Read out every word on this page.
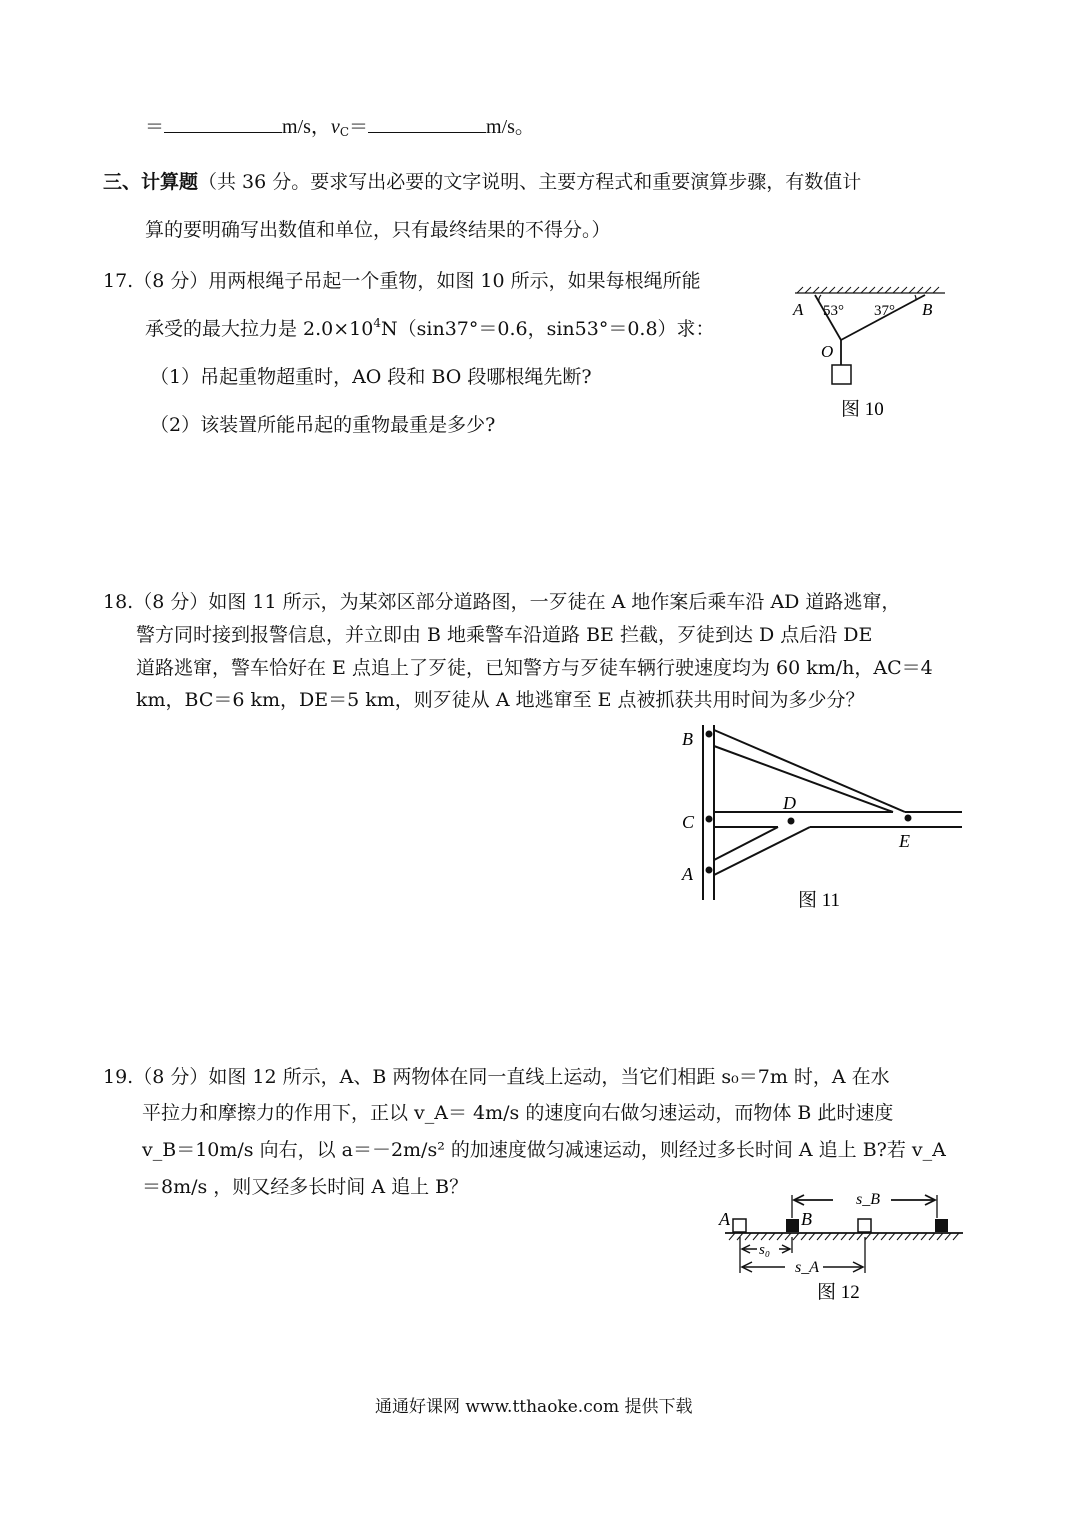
＝	m/s，$v_C=$	m/s。
三、计算题（共 36 分。要求写出必要的文字说明、主要方程式和重要演算步骤，有数值计
算的要明确写出数值和单位，只有最终结果的不得分。）
17.（8 分）用两根绳子吊起一个重物，如图 10 所示，如果每根绳所能
承受的最大拉力是 $2.0\times 10^4N(\sin 37^\circ=0.6$，sin53°＝0.8）求：
（1）吊起重物超重时，AO 段和 BO 段哪根绳先断?
（2）该装置所能吊起的重物最重是多少?
A 53° 37° B
O
图 10
18.（8 分）如图 11 所示，为某郊区部分道路图，一歹徒在 A 地作案后乘车沿 AD 道路逃窜，
警方同时接到报警信息，并立即由 B 地乘警车沿道路 BE 拦截，歹徒到达 D 点后沿 DE
道路逃窜，警车恰好在 E 点追上了歹徒，已知警方与歹徒车辆行驶速度均为 60 km/h，AC＝4
km，BC＝6 km，DE＝5 km，则歹徒从 A 地逃窜至 E 点被抓获共用时间为多少分？
B
C
A
D
E
图 11
19.（8 分）如图 12 所示，A、B 两物体在同一直线上运动，当它们相距 s₀＝7m 时，A 在水
平拉力和摩擦力的作用下，正以 v_A＝ 4m/s 的速度向右做匀速运动，而物体 B 此时速度
v_B＝10m/s 向右，以 a＝－2m/s² 的加速度做匀减速运动，则经过多长时间 A 追上 B?若 v_A
＝8m/s ，则又经多长时间 A 追上 B？
A	B
s_B
s₀
s_A
图 12
通通好课网 www.tthaoke.com 提供下载
